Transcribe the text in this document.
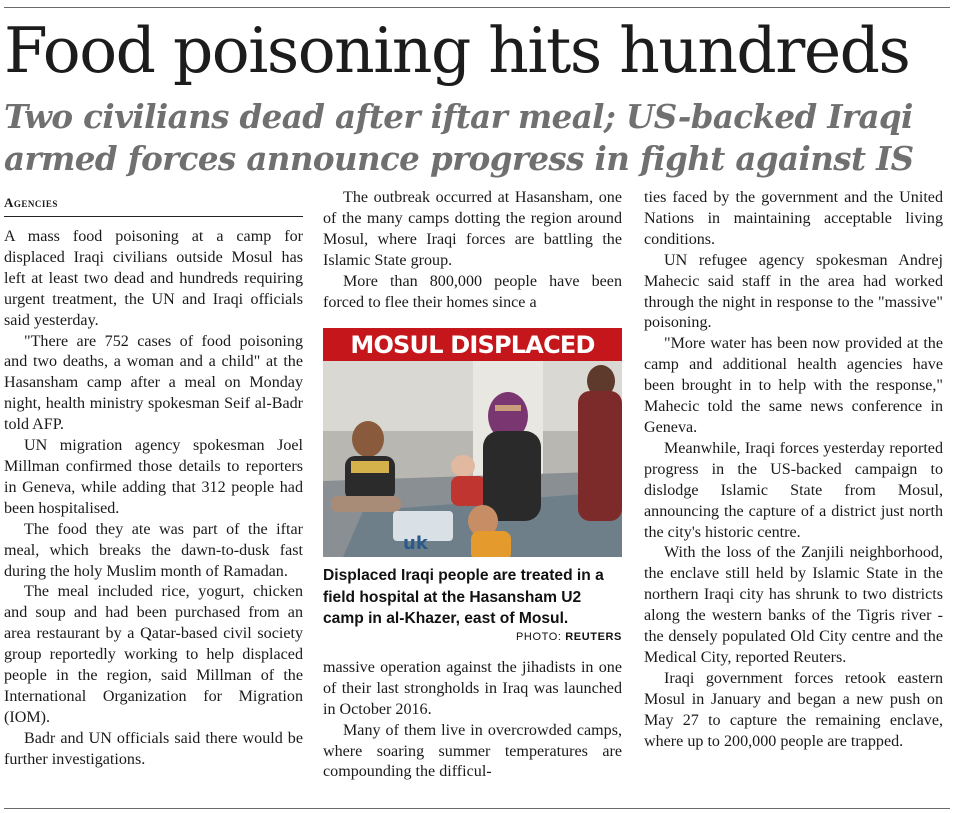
Food poisoning hits hundreds
Two civilians dead after iftar meal; US-backed Iraqi armed forces announce progress in fight against IS
Agencies

A mass food poisoning at a camp for displaced Iraqi civilians outside Mosul has left at least two dead and hundreds requiring urgent treatment, the UN and Iraqi officials said yesterday.

"There are 752 cases of food poisoning and two deaths, a woman and a child" at the Hasansham camp after a meal on Monday night, health ministry spokesman Seif al-Badr told AFP.

UN migration agency spokesman Joel Millman confirmed those details to reporters in Geneva, while adding that 312 people had been hospitalised.

The food they ate was part of the iftar meal, which breaks the dawn-to-dusk fast during the holy Muslim month of Ramadan.

The meal included rice, yogurt, chicken and soup and had been purchased from an area restaurant by a Qatar-based civil society group reportedly working to help displaced people in the region, said Millman of the International Organization for Migration (IOM).

Badr and UN officials said there would be further investigations.

The outbreak occurred at Hasansham, one of the many camps dotting the region around Mosul, where Iraqi forces are battling the Islamic State group.

More than 800,000 people have been forced to flee their homes since a

MOSUL DISPLACED
uk
Displaced Iraqi people are treated in a field hospital at the Hasansham U2 camp in al-Khazer, east of Mosul.
PHOTO: REUTERS

massive operation against the jihadists in one of their last strongholds in Iraq was launched in October 2016.

Many of them live in overcrowded camps, where soaring summer temperatures are compounding the difficul-

ties faced by the government and the United Nations in maintaining acceptable living conditions.

UN refugee agency spokesman Andrej Mahecic said staff in the area had worked through the night in response to the "massive" poisoning.

"More water has been now provided at the camp and additional health agencies have been brought in to help with the response," Mahecic told the same news conference in Geneva.

Meanwhile, Iraqi forces yesterday reported progress in the US-backed campaign to dislodge Islamic State from Mosul, announcing the capture of a district just north the city's historic centre.

With the loss of the Zanjili neighborhood, the enclave still held by Islamic State in the northern Iraqi city has shrunk to two districts along the western banks of the Tigris river - the densely populated Old City centre and the Medical City, reported Reuters.

Iraqi government forces retook eastern Mosul in January and began a new push on May 27 to capture the remaining enclave, where up to 200,000 people are trapped.
